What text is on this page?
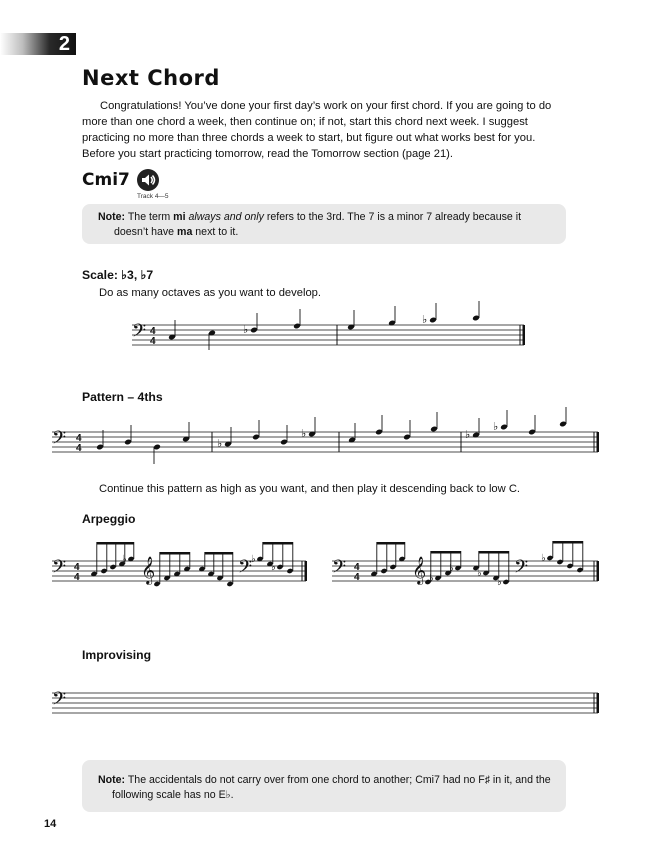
2
Next Chord

Congratulations! You’ve done your first day’s work on your first chord. If you are going to do more than one chord a week, then continue on; if not, start this chord next week. I suggest practicing no more than three chords a week to start, but figure out what works best for you. Before you start practicing tomorrow, read the Tomorrow section (page 21).

Cmi7
Track 4—5

Note: The term mi always and only refers to the 3rd. The 7 is a minor 7 already because it doesn’t have ma next to it.

Scale: ♭3, ♭7

Do as many octaves as you want to develop.

Pattern – 4ths

Continue this pattern as high as you want, and then play it descending back to low C.

Arpeggio
Improvising
𝄢 4
4
♭
♭
𝄢 4
4	♭
♭	♭
♭
𝄢 4
4
♭ 𝄞	𝄢
♭
♭	𝄢 4
4 𝄞 ♭
♭ ♭
♭
𝄢 ♭
𝄢

Note: The accidentals do not carry over from one chord to another; Cmi7 had no F♯ in it, and the following scale has no E♭.

14
